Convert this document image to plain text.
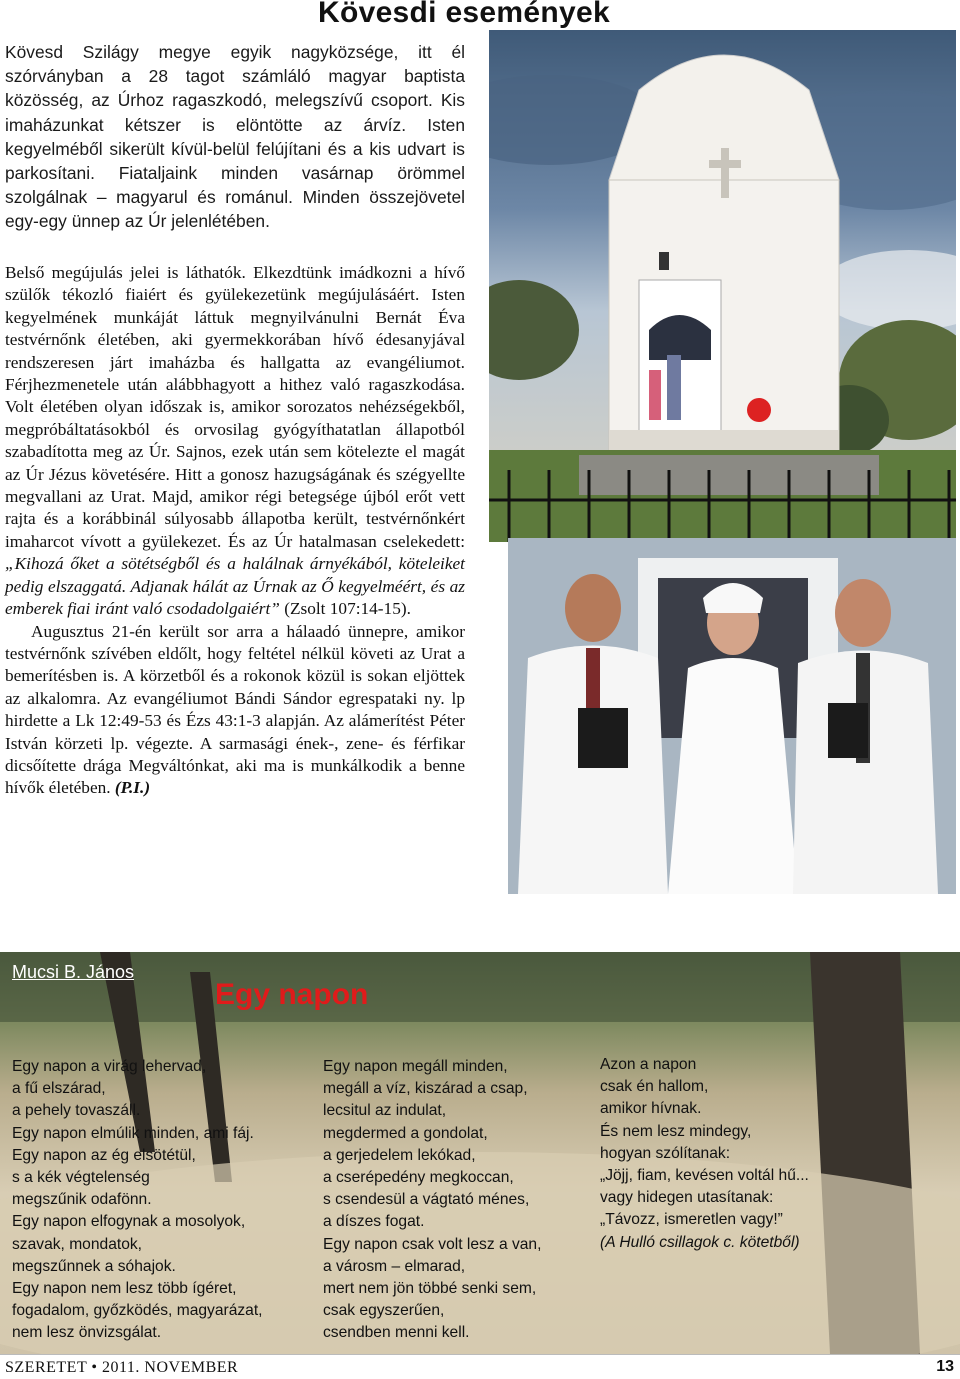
Kövesdi események

Kövesd Szilágy megye egyik nagyközsége, itt él szórványban a 28 tagot számláló magyar baptista közösség, az Úrhoz ragaszkodó, melegszívű csoport. Kis imaházunkat kétszer is elöntötte az árvíz. Isten kegyelméből sikerült kívül-belül felújítani és a kis udvart is parkosítani. Fiataljaink minden vasárnap örömmel szolgálnak – magyarul és románul. Minden összejövetel egy-egy ünnep az Úr jelenlétében.

Belső megújulás jelei is láthatók. Elkezdtünk imádkozni a hívő szülők tékozló fiaiért és gyülekezetünk megújulásáért. Isten kegyelmének munkáját láttuk megnyilvánulni Bernát Éva testvérnőnk életében, aki gyermekkorában hívő édesanyjával rendszeresen járt imaházba és hallgatta az evangéliumot. Férjhezmenetele után alábbhagyott a hithez való ragaszkodása. Volt életében olyan időszak is, amikor sorozatos nehézségekből, megpróbáltatásokból és orvosilag gyógyíthatatlan állapotból szabadította meg az Úr. Sajnos, ezek után sem kötelezte el magát az Úr Jézus követésére. Hitt a gonosz hazugságának és szégyellte megvallani az Urat. Majd, amikor régi betegsége újból erőt vett rajta és a korábbinál súlyosabb állapotba került, testvérnőnkért imaharcot vívott a gyülekezet. És az Úr hatalmasan cselekedett: „Kihozá őket a sötétségből és a halálnak árnyékából, köteleiket pedig elszaggatá. Adjanak hálát az Úrnak az Ő kegyelméért, és az emberek fiai iránt való csodadolgaiért” (Zsolt 107:14-15).

Augusztus 21-én került sor arra a hálaadó ünnepre, amikor testvérnőnk szívében eldőlt, hogy feltétel nélkül követi az Urat a bemerítésben is. A körzetből és a rokonok közül is sokan eljöttek az alkalomra. Az evangéliumot Bándi Sándor egrespataki ny. lp hirdette a Lk 12:49-53 és Ézs 43:1-3 alapján. Az alámerítést Péter István körzeti lp. végezte. A sarmasági ének-, zene- és férfikar dicsőítette drága Megváltónkat, aki ma is munkálkodik a benne hívők életében. (P.I.)

Mucsi B. János
Egy napon
Egy napon a virág lehervad,
a fű elszárad,
a pehely tovaszáll.
Egy napon elmúlik minden, ami fáj.
Egy napon az ég elsötétül,
s a kék végtelenség
megszűnik odafönn.
Egy napon elfogynak a mosolyok,
szavak, mondatok,
megszűnnek a sóhajok.
Egy napon nem lesz több ígéret,
fogadalom, győzködés, magyarázat,
nem lesz önvizsgálat.
Egy napon megáll minden,
megáll a víz, kiszárad a csap,
lecsitul az indulat,
megdermed a gondolat,
a gerjedelem lekókad,
a cserépedény megkoccan,
s csendesül a vágtató ménes,
a díszes fogat.
Egy napon csak volt lesz a van,
a városm – elmarad,
mert nem jön többé senki sem,
csak egyszerűen,
csendben menni kell.
Azon a napon
csak én hallom,
amikor hívnak.
És nem lesz mindegy,
hogyan szólítanak:
„Jöjj, fiam, kevésen voltál hű...
vagy hidegen utasítanak:
„Távozz, ismeretlen vagy!”
(A Hulló csillagok c. kötetből)
SZERETET • 2011. NOVEMBER	13
